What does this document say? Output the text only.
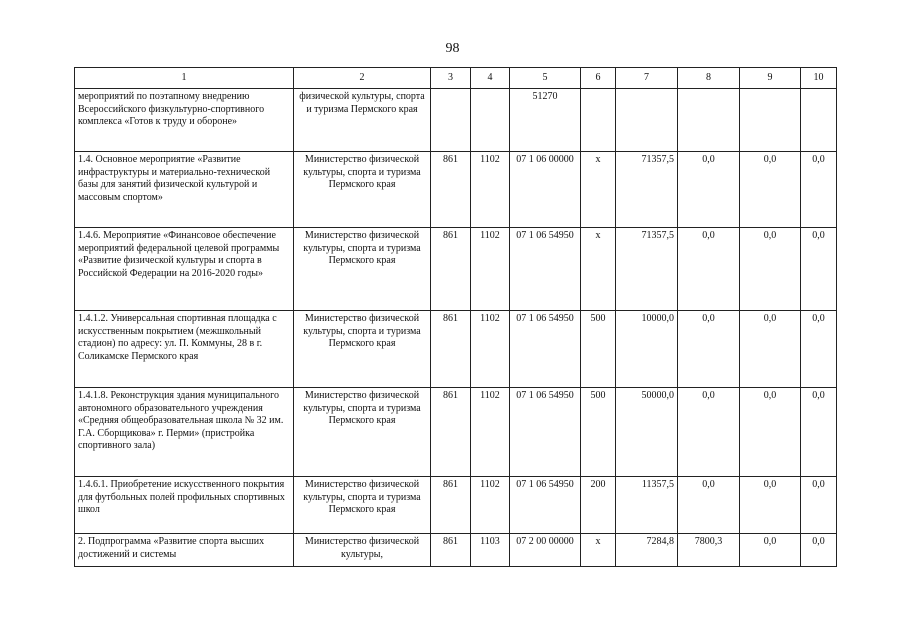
98
1	2	3	4	5	6	7	8	9	10
мероприятий по поэтапному внедрению Всероссийского физкультурно-спортивного комплекса «Готов к труду и обороне»	физической культуры, спорта и туризма Пермского края			51270					
1.4. Основное мероприятие «Развитие инфраструктуры и материально-технической базы для занятий физической культурой и массовым спортом»	Министерство физической культуры, спорта и туризма Пермского края	861	1102	07 1 06 00000	х	71357,5	0,0	0,0	0,0
1.4.6. Мероприятие «Финансовое обеспечение мероприятий федеральной целевой программы «Развитие физической культуры и спорта в Российской Федерации на 2016-2020 годы»	Министерство физической культуры, спорта и туризма Пермского края	861	1102	07 1 06 54950	х	71357,5	0,0	0,0	0,0
1.4.1.2. Универсальная спортивная площадка с искусственным покрытием (межшкольный стадион) по адресу: ул. П. Коммуны, 28 в г. Соликамске Пермского края	Министерство физической культуры, спорта и туризма Пермского края	861	1102	07 1 06 54950	500	10000,0	0,0	0,0	0,0
1.4.1.8. Реконструкция здания муниципального автономного образовательного учреждения «Средняя общеобразовательная школа № 32 им. Г.А. Сборщикова» г. Перми» (пристройка спортивного зала)	Министерство физической культуры, спорта и туризма Пермского края	861	1102	07 1 06 54950	500	50000,0	0,0	0,0	0,0
1.4.6.1. Приобретение искусственного покрытия для футбольных полей профильных спортивных школ	Министерство физической культуры, спорта и туризма Пермского края	861	1102	07 1 06 54950	200	11357,5	0,0	0,0	0,0
2. Подпрограмма «Развитие спорта высших достижений и системы	Министерство физической культуры,	861	1103	07 2 00 00000	х	7284,8	7800,3	0,0	0,0
